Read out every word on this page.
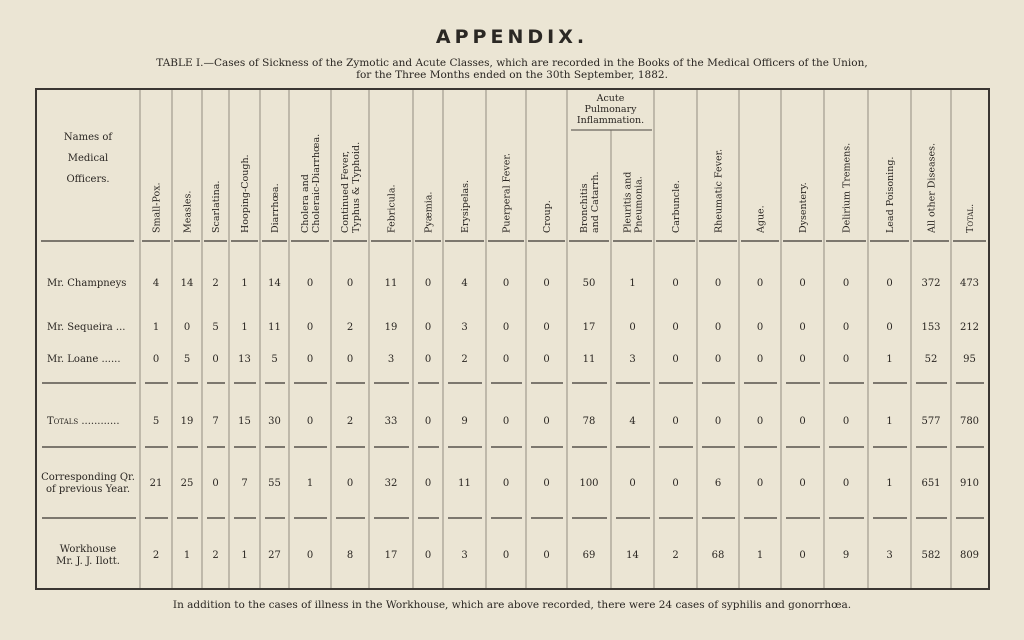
APPENDIX.
TABLE I.—Cases of Sickness of the Zymotic and Acute Classes, which are recorded in the Books of the Medical Officers of the Union,
for the Three Months ended on the 30th September, 1882.
Names of
Medical
Officers.
Acute
Pulmonary
Inflammation.
Small-Pox. Measles. Scarlatina. Hooping-Cough. Diarrhœa. Cholera and Choleraic-Diarrhœa. Continued Fever, Typhus & Typhoid.	Febricula.	Pyæmia.	Erysipelas.	Puerperal Fever.	Croup.	Bronchitis and Catarrh. Pleuritis and Pneumonia.	Carbuncle.	Rheumatic Fever.	Ague.	Dysentery.	Delirium Tremens.	Lead Poisoning.	All other Diseases.	Total.
Mr. Champneys	4 14 2 1 14	0	0	11	0	4	0	0	50	1	0	0	0	0	0	0	372 473
Mr. Sequeira ...	1 0 5 1 11	0	2	19	0	3	0	0	17	0	0	0	0	0	0	0	153 212
Mr. Loane ......	0 5 0 13 5	0	0	3	0	2	0	0	11	3	0	0	0	0	0	1	52	95
Totals ............	5 19 7 15 30	0	2	33	0	9	0	0	78	4	0	0	0	0	0	1	577 780
Corresponding Qr.
of previous Year.
21 25 0 7 55	1	0	32	0	11	0	0	100	0	0	6	0	0	0	1	651 910
Workhouse
Mr. J. J. Ilott.
2 1 2 1 27	0	8	17	0	3	0	0	69	14	2	68	1	0	9	3	582 809
In addition to the cases of illness in the Workhouse, which are above recorded, there were 24 cases of syphilis and gonorrhœa.
